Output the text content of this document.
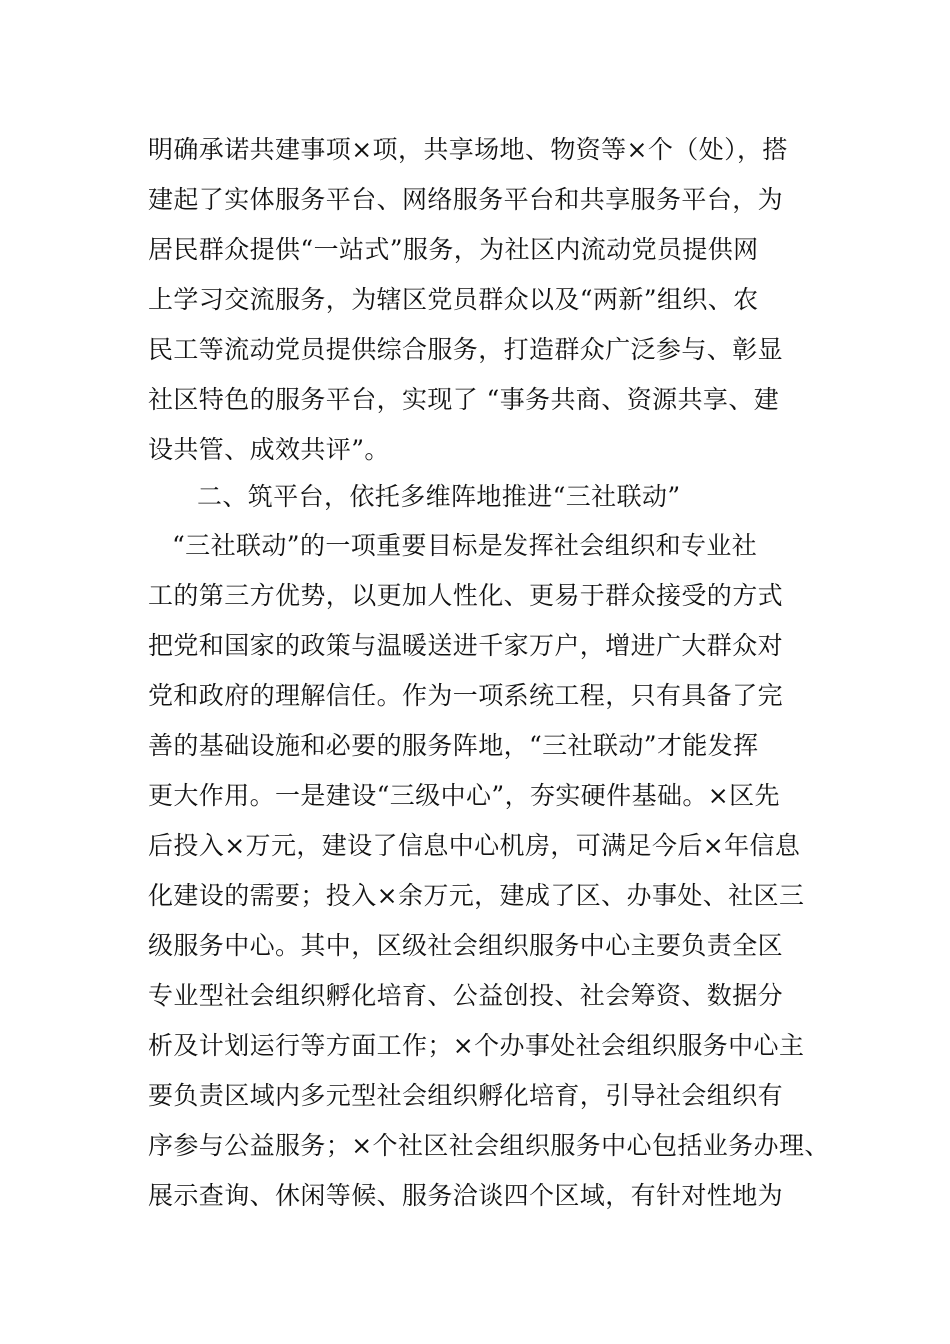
明确承诺共建事项×项，共享场地、物资等×个（处），搭
建起了实体服务平台、网络服务平台和共享服务平台，为
居民群众提供“一站式”服务，为社区内流动党员提供网
上学习交流服务，为辖区党员群众以及“两新”组织、农
民工等流动党员提供综合服务，打造群众广泛参与、彰显
社区特色的服务平台，实现了 “事务共商、资源共享、建
设共管、成效共评”。
二、筑平台，依托多维阵地推进“三社联动”
“三社联动”的一项重要目标是发挥社会组织和专业社
工的第三方优势，以更加人性化、更易于群众接受的方式
把党和国家的政策与温暖送进千家万户，增进广大群众对
党和政府的理解信任。作为一项系统工程，只有具备了完
善的基础设施和必要的服务阵地，“三社联动”才能发挥
更大作用。一是建设“三级中心”，夯实硬件基础。×区先
后投入×万元，建设了信息中心机房，可满足今后×年信息
化建设的需要；投入×余万元，建成了区、办事处、社区三
级服务中心。其中，区级社会组织服务中心主要负责全区
专业型社会组织孵化培育、公益创投、社会筹资、数据分
析及计划运行等方面工作；×个办事处社会组织服务中心主
要负责区域内多元型社会组织孵化培育，引导社会组织有
序参与公益服务；×个社区社会组织服务中心包括业务办理、
展示查询、休闲等候、服务洽谈四个区域，有针对性地为
